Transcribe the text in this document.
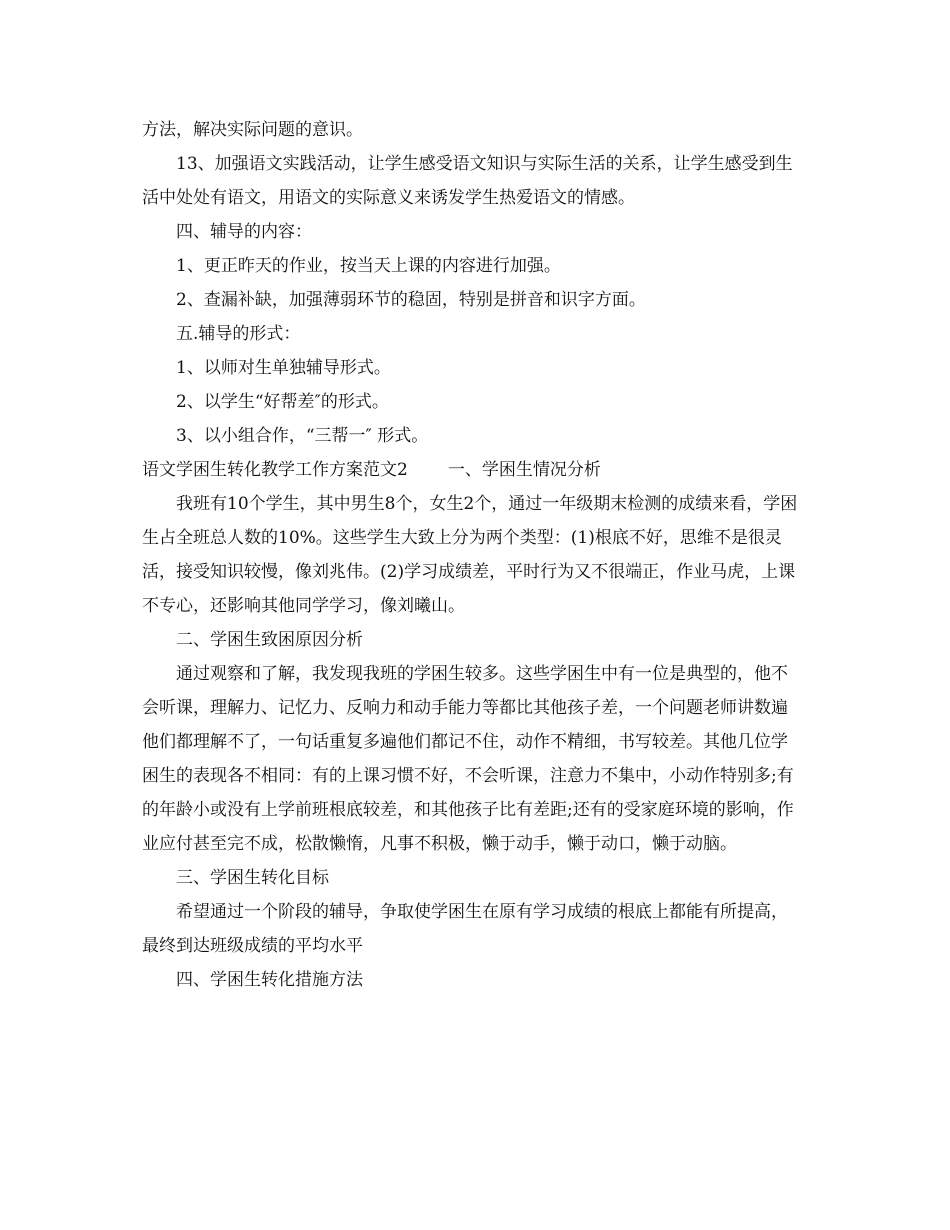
方法，解决实际问题的意识。

13、加强语文实践活动，让学生感受语文知识与实际生活的关系，让学生感受到生活中处处有语文，用语文的实际意义来诱发学生热爱语文的情感。

四、辅导的内容：

1、更正昨天的作业，按当天上课的内容进行加强。

2、查漏补缺，加强薄弱环节的稳固，特别是拼音和识字方面。

五.辅导的形式：

1、以师对生单独辅导形式。

2、以学生“好帮差″的形式。

3、以小组合作，“三帮一″ 形式。

语文学困生转化教学工作方案范文2 一、学困生情况分析

我班有10个学生，其中男生8个，女生2个，通过一年级期末检测的成绩来看，学困生占全班总人数的10%。这些学生大致上分为两个类型：(1)根底不好，思维不是很灵活，接受知识较慢，像刘兆伟。(2)学习成绩差，平时行为又不很端正，作业马虎，上课不专心，还影响其他同学学习，像刘曦山。

二、学困生致困原因分析

通过观察和了解，我发现我班的学困生较多。这些学困生中有一位是典型的，他不会听课，理解力、记忆力、反响力和动手能力等都比其他孩子差，一个问题老师讲数遍他们都理解不了，一句话重复多遍他们都记不住，动作不精细，书写较差。其他几位学困生的表现各不相同：有的上课习惯不好，不会听课，注意力不集中，小动作特别多;有的年龄小或没有上学前班根底较差，和其他孩子比有差距;还有的受家庭环境的影响，作业应付甚至完不成，松散懒惰，凡事不积极，懒于动手，懒于动口，懒于动脑。

三、学困生转化目标

希望通过一个阶段的辅导，争取使学困生在原有学习成绩的根底上都能有所提高，最终到达班级成绩的平均水平

四、学困生转化措施方法
